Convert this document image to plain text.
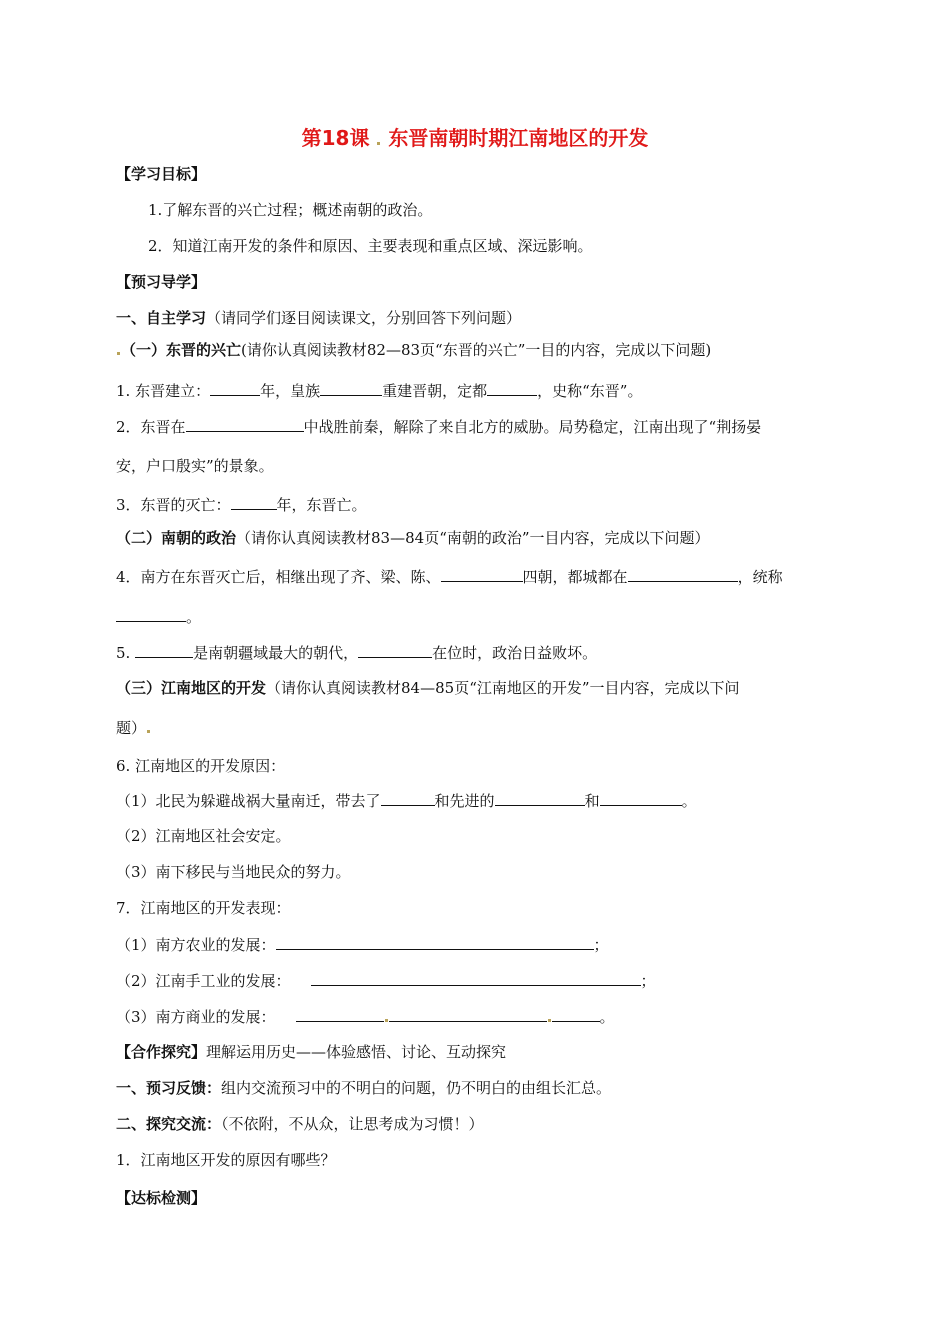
第18课 东晋南朝时期江南地区的开发
【学习目标】
1.了解东晋的兴亡过程；概述南朝的政治。
2．知道江南开发的条件和原因、主要表现和重点区域、深远影响。
【预习导学】
一、自主学习（请同学们逐目阅读课文，分别回答下列问题）
（一）东晋的兴亡(请你认真阅读教材82—83页“东晋的兴亡”一目的内容，完成以下问题)
1. 东晋建立：	年，皇族	重建晋朝，定都	，史称“东晋”。
2．东晋在	中战胜前秦，解除了来自北方的威胁。局势稳定，江南出现了“荆扬晏
安，户口殷实”的景象。
3．东晋的灭亡：	年，东晋亡。
（二）南朝的政治（请你认真阅读教材83—84页“南朝的政治”一目内容，完成以下问题）
4．南方在东晋灭亡后，相继出现了齐、梁、陈、	四朝，都城都在	，统称
。
5.	是南朝疆域最大的朝代，	在位时，政治日益败坏。
（三）江南地区的开发（请你认真阅读教材84—85页“江南地区的开发”一目内容，完成以下问
题）
6. 江南地区的开发原因：
（1）北民为躲避战祸大量南迁，带去了	和先进的	和	。
（2）江南地区社会安定。
（3）南下移民与当地民众的努力。
7．江南地区的开发表现：
（1）南方农业的发展：	；
（2）江南手工业的发展：	；
（3）南方商业的发展：	。
【合作探究】理解运用历史——体验感悟、讨论、互动探究
一、预习反馈：组内交流预习中的不明白的问题，仍不明白的由组长汇总。
二、探究交流：（不依附，不从众，让思考成为习惯！）
1．江南地区开发的原因有哪些？
【达标检测】
